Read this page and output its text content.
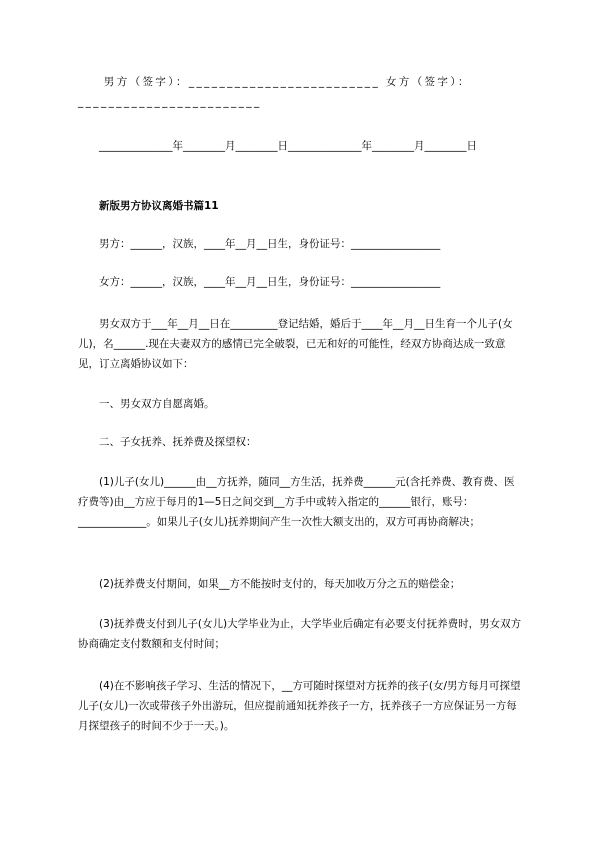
　　男方（签字）：_________________________ 女方（签字）：________________________

　　______________年________月________日______________年________月________日

新版男方协议离婚书篇11

男方：______，汉族，____年__月__日生，身份证号：_________________

女方：______，汉族，____年__月__日生，身份证号：_________________

男女双方于___年__月__日在_________登记结婚，婚后于____年__月__日生育一个儿子(女儿)，名______.现在夫妻双方的感情已完全破裂，已无和好的可能性，经双方协商达成一致意见，订立离婚协议如下：

一、男女双方自愿离婚。

二、子女抚养、抚养费及探望权：

(1)儿子(女儿)______由__方抚养，随同__方生活，抚养费______元(含托养费、教育费、医疗费等)由__方应于每月的1—5日之间交到__方手中或转入指定的______银行，账号：_____________。如果儿子(女儿)抚养期间产生一次性大额支出的，双方可再协商解决；

(2)抚养费支付期间，如果__方不能按时支付的，每天加收万分之五的赔偿金；

(3)抚养费支付到儿子(女儿)大学毕业为止，大学毕业后确定有必要支付抚养费时，男女双方协商确定支付数额和支付时间；

(4)在不影响孩子学习、生活的情况下，__方可随时探望对方抚养的孩子(女/男方每月可探望儿子(女儿)一次或带孩子外出游玩，但应提前通知抚养孩子一方，抚养孩子一方应保证另一方每月探望孩子的时间不少于一天。)。
